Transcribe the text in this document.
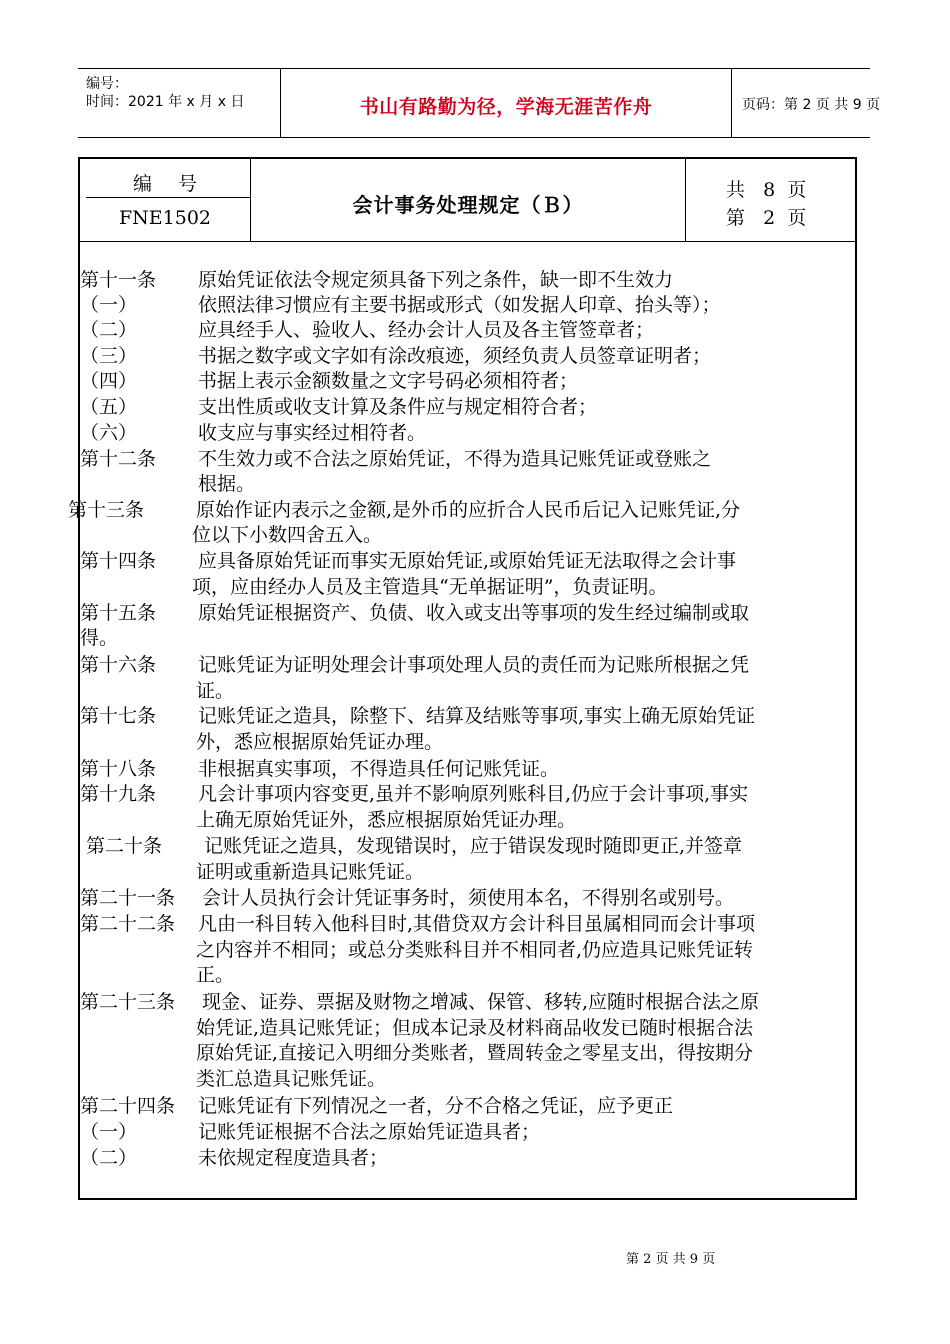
编号：
时间：2021 年 x 月 x 日	书山有路勤为径，学海无涯苦作舟	页码：第 2 页 共 9 页
编号
FNE1502
会计事务处理规定（Ｂ）
共   8  页
第   2  页
第十一条 原始凭证依法令规定须具备下列之条件，缺一即不生效力
（一）	依照法律习惯应有主要书据或形式（如发据人印章、抬头等）；
（二）	应具经手人、验收人、经办会计人员及各主管签章者；
（三）	书据之数字或文字如有涂改痕迹，须经负责人员签章证明者；
（四）	书据上表示金额数量之文字号码必须相符者；
（五）	支出性质或收支计算及条件应与规定相符合者；
（六）	收支应与事实经过相符者。
第十二条 不生效力或不合法之原始凭证，不得为造具记账凭证或登账之
根据。
第十三条	原始作证内表示之金额,是外币的应折合人民币后记入记账凭证,分
位以下小数四舍五入。
第十四条 应具备原始凭证而事实无原始凭证,或原始凭证无法取得之会计事
项，应由经办人员及主管造具“无单据证明”，负责证明。
第十五条 原始凭证根据资产、负债、收入或支出等事项的发生经过编制或取
得。
第十六条 记账凭证为证明处理会计事项处理人员的责任而为记账所根据之凭
证。
第十七条 记账凭证之造具，除整下、结算及结账等事项,事实上确无原始凭证
外，悉应根据原始凭证办理。
第十八条 非根据真实事项，不得造具任何记账凭证。
第十九条 凡会计事项内容变更,虽并不影响原列账科目,仍应于会计事项,事实
上确无原始凭证外，悉应根据原始凭证办理。
第二十条 记账凭证之造具，发现错误时，应于错误发现时随即更正,并签章
证明或重新造具记账凭证。
第二十一条 会计人员执行会计凭证事务时，须使用本名，不得别名或别号。
第二十二条 凡由一科目转入他科目时,其借贷双方会计科目虽属相同而会计事项
之内容并不相同；或总分类账科目并不相同者,仍应造具记账凭证转
正。
第二十三条 现金、证券、票据及财物之增减、保管、移转,应随时根据合法之原
始凭证,造具记账凭证；但成本记录及材料商品收发已随时根据合法
原始凭证,直接记入明细分类账者，暨周转金之零星支出，得按期分
类汇总造具记账凭证。
第二十四条 记账凭证有下列情况之一者，分不合格之凭证，应予更正
（一）	记账凭证根据不合法之原始凭证造具者；
（二）	未依规定程度造具者；
第 2 页 共 9 页
